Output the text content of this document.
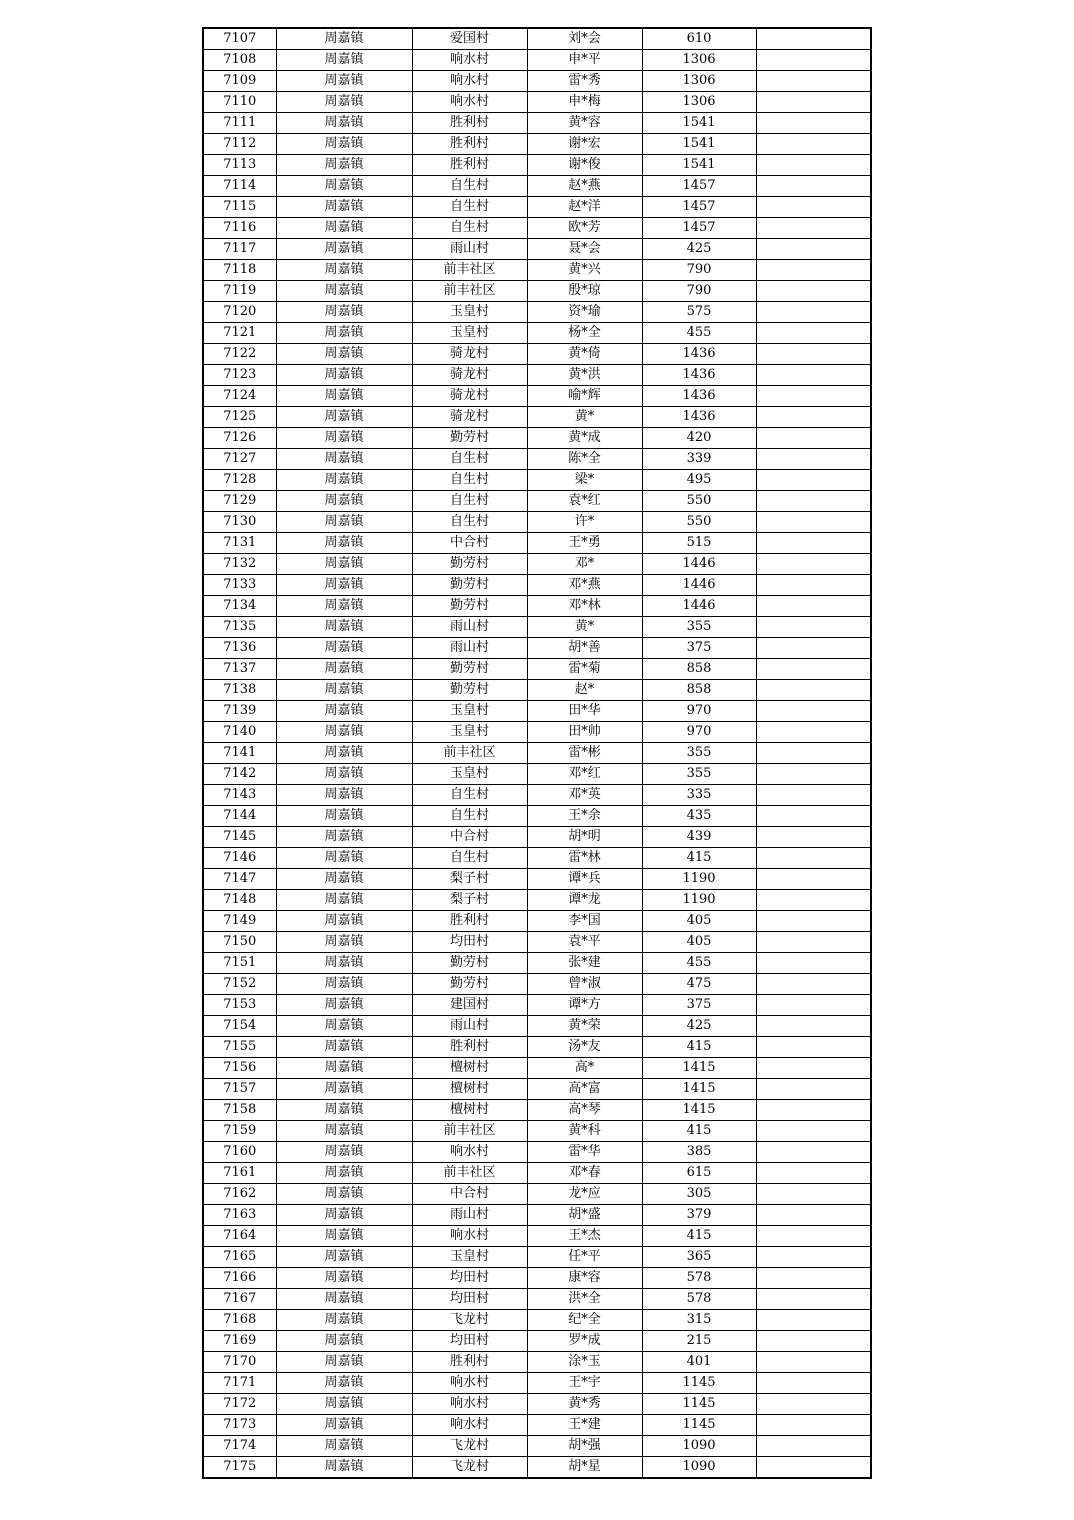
7107	周嘉镇	爱国村	刘*会	610	
7108	周嘉镇	响水村	申*平	1306	
7109	周嘉镇	响水村	雷*秀	1306	
7110	周嘉镇	响水村	申*梅	1306	
7111	周嘉镇	胜利村	黄*容	1541	
7112	周嘉镇	胜利村	谢*宏	1541	
7113	周嘉镇	胜利村	谢*俊	1541	
7114	周嘉镇	自生村	赵*燕	1457	
7115	周嘉镇	自生村	赵*洋	1457	
7116	周嘉镇	自生村	欧*芳	1457	
7117	周嘉镇	雨山村	聂*会	425	
7118	周嘉镇	前丰社区	黄*兴	790	
7119	周嘉镇	前丰社区	殷*琼	790	
7120	周嘉镇	玉皇村	资*瑜	575	
7121	周嘉镇	玉皇村	杨*全	455	
7122	周嘉镇	骑龙村	黄*倚	1436	
7123	周嘉镇	骑龙村	黄*洪	1436	
7124	周嘉镇	骑龙村	喻*辉	1436	
7125	周嘉镇	骑龙村	黄*	1436	
7126	周嘉镇	勤劳村	黄*成	420	
7127	周嘉镇	自生村	陈*全	339	
7128	周嘉镇	自生村	梁*	495	
7129	周嘉镇	自生村	袁*红	550	
7130	周嘉镇	自生村	许*	550	
7131	周嘉镇	中合村	王*勇	515	
7132	周嘉镇	勤劳村	邓*	1446	
7133	周嘉镇	勤劳村	邓*燕	1446	
7134	周嘉镇	勤劳村	邓*林	1446	
7135	周嘉镇	雨山村	黄*	355	
7136	周嘉镇	雨山村	胡*善	375	
7137	周嘉镇	勤劳村	雷*菊	858	
7138	周嘉镇	勤劳村	赵*	858	
7139	周嘉镇	玉皇村	田*华	970	
7140	周嘉镇	玉皇村	田*帅	970	
7141	周嘉镇	前丰社区	雷*彬	355	
7142	周嘉镇	玉皇村	邓*红	355	
7143	周嘉镇	自生村	邓*英	335	
7144	周嘉镇	自生村	王*余	435	
7145	周嘉镇	中合村	胡*明	439	
7146	周嘉镇	自生村	雷*林	415	
7147	周嘉镇	梨子村	谭*兵	1190	
7148	周嘉镇	梨子村	谭*龙	1190	
7149	周嘉镇	胜利村	李*国	405	
7150	周嘉镇	均田村	袁*平	405	
7151	周嘉镇	勤劳村	张*建	455	
7152	周嘉镇	勤劳村	曾*淑	475	
7153	周嘉镇	建国村	谭*方	375	
7154	周嘉镇	雨山村	黄*荣	425	
7155	周嘉镇	胜利村	汤*友	415	
7156	周嘉镇	檀树村	高*	1415	
7157	周嘉镇	檀树村	高*富	1415	
7158	周嘉镇	檀树村	高*琴	1415	
7159	周嘉镇	前丰社区	黄*科	415	
7160	周嘉镇	响水村	雷*华	385	
7161	周嘉镇	前丰社区	邓*春	615	
7162	周嘉镇	中合村	龙*应	305	
7163	周嘉镇	雨山村	胡*盛	379	
7164	周嘉镇	响水村	王*杰	415	
7165	周嘉镇	玉皇村	任*平	365	
7166	周嘉镇	均田村	康*容	578	
7167	周嘉镇	均田村	洪*全	578	
7168	周嘉镇	飞龙村	纪*全	315	
7169	周嘉镇	均田村	罗*成	215	
7170	周嘉镇	胜利村	涂*玉	401	
7171	周嘉镇	响水村	王*宇	1145	
7172	周嘉镇	响水村	黄*秀	1145	
7173	周嘉镇	响水村	王*建	1145	
7174	周嘉镇	飞龙村	胡*强	1090	
7175	周嘉镇	飞龙村	胡*星	1090	
